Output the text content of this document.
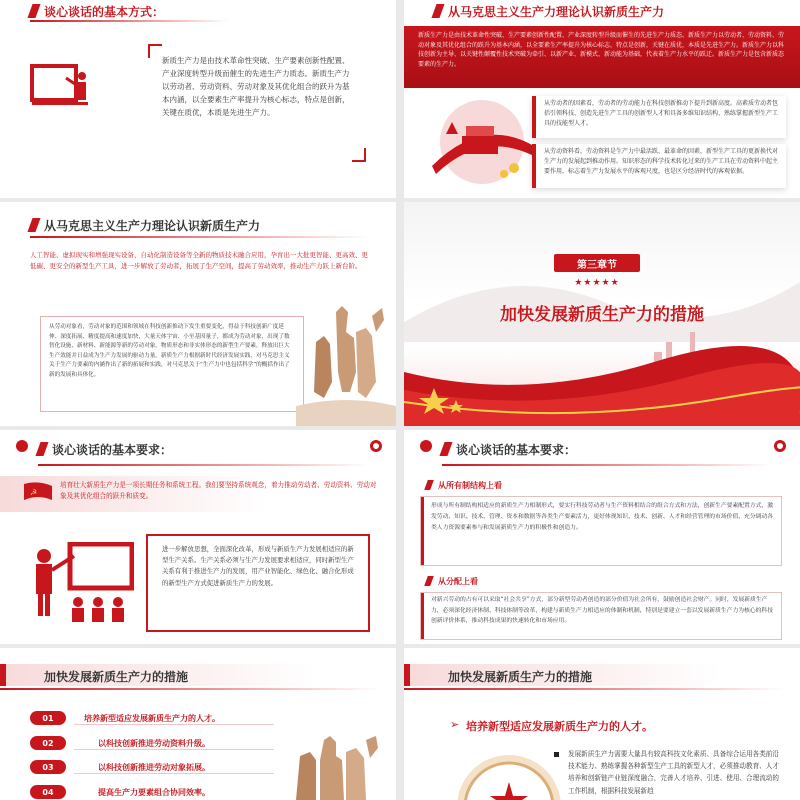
谈心谈话的基本方式：
新质生产力是由技术革命性突破、生产要素创新性配置、产业深度转型升级而催生的先进生产力质态。新质生产力以劳动者、劳动资料、劳动对象及其优化组合的跃升为基本内涵，以全要素生产率提升为核心标志，特点是创新，关键在质优，本质是先进生产力。
从马克思主义生产力理论认识新质生产力
新质生产力是由技术革命性突破、生产要素创新性配置、产业深度转型升级而催生的先进生产力质态。新质生产力以劳动者、劳动资料、劳动对象及其优化组合的跃升为基本内涵，以全要素生产率提升为核心标志，特点是创新，关键在质优，本质是先进生产力。新质生产力以科技创新为主导、以关键性颠覆性技术突破为牵引、以新产业、新模式、新动能为基础，代表着生产力水平的跃迁。新质生产力是包含新质态要素的生产力。
从劳动者的因素看，劳动者的劳动能力在科技创新推动下提升到新高度。高素质劳动者包括引领科技、创造先进生产工具的创新型人才和具备多维知识结构、熟练掌握新型生产工具的技能型人才。
从劳动资料看，劳动资料是生产力中最活跃、最革命的因素，新型生产工具的更新换代对生产力的发展起到推动作用。知识形态的科学技术转化过来的生产工具在劳动资料中起主要作用，标志着生产力发展水平的客观尺度，也是区分经济时代的客观依据。
从马克思主义生产力理论认识新质生产力
人工智能、虚拟现实和增强现实设备、自动化制造设备等全新的物质技术融合应用，孕育出一大批更智能、更高效、更低碳、更安全的新型生产工具，进一步解放了劳动者，拓展了生产空间，提高了劳动效率，推动生产力跃上新台阶。
从劳动对象看，劳动对象的范围和领域在科技创新推动下发生重要变化，得益于科技创新广度延伸、深度拓展、精度提高和速度加快，大量天体宇宙、小至基因量子，都成为劳动对象，出现了数智化设施、新材料、新能源等新的劳动对象。物质形态和非实体形态的新型生产要素，释放出巨大生产效能并日益成为生产力发展的驱动力量。新质生产力根据新时代经济发展实践，对马克思主义关于生产力要素的内涵作出了新的拓展和实践，对马克思关于“生产力中也包括科学”的概括作出了新的发展和具体化。
第三章节
★★★★★
加快发展新质生产力的措施
谈心谈话的基本要求：
☭
培育壮大新质生产力是一项长期任务和系统工程。我们要坚持系统观念，着力推动劳动者、劳动资料、劳动对象及其优化组合的跃升和质变。
进一步解放思想，全面深化改革，形成与新质生产力发展相适应的新型生产关系。生产关系必须与生产力发展要求相适应，同时新型生产关系有利于推进生产力的发展，用产业智能化、绿色化、融合化形成的新型生产方式促进新质生产力的发展。
谈心谈话的基本要求：
从所有制结构上看
形成与所有制结构相适应的新质生产力相制形式，要实行科技劳动者与生产资料相结合的组合方式和方法，创新生产要素配置方式，激发劳动、知识、技术、管理、资本和数据等各类生产要素活力，更好体现知识、技术、创新、人才和经营管理的市场价值，充分调动各类人力资源要素参与和发展新质生产力的积极性和创造力。
从分配上看
对新兴劳动的占有可以采取“社会共享”方式，部分新型劳动者创造的部分价值为社会所有，鼓励创造社会财产。同时，发展新质生产力，必须深化经济体制、科技体制等改革，构建与新质生产力相适应的体制和机制，特别是要建立一套以发展新质生产力为核心的科技创新评价体系，推动科技成果的快速转化和市场应用。
加快发展新质生产力的措施
01	培养新型适应发展新质生产力的人才。
02	以科技创新推进劳动资料升级。
03	以科技创新推进劳动对象拓展。
04	提高生产力要素组合协同效率。
加快发展新质生产力的措施
➢ 培养新型适应发展新质生产力的人才。
发展新质生产力需要大量具有较高科技文化素质、具备综合运用各类前沿技术能力、熟练掌握各种新型生产工具的新型人才，必须推动教育、人才培养和创新链产业链深度融合，完善人才培养、引进、使用、合理流动的工作机制，根据科技发展新趋
